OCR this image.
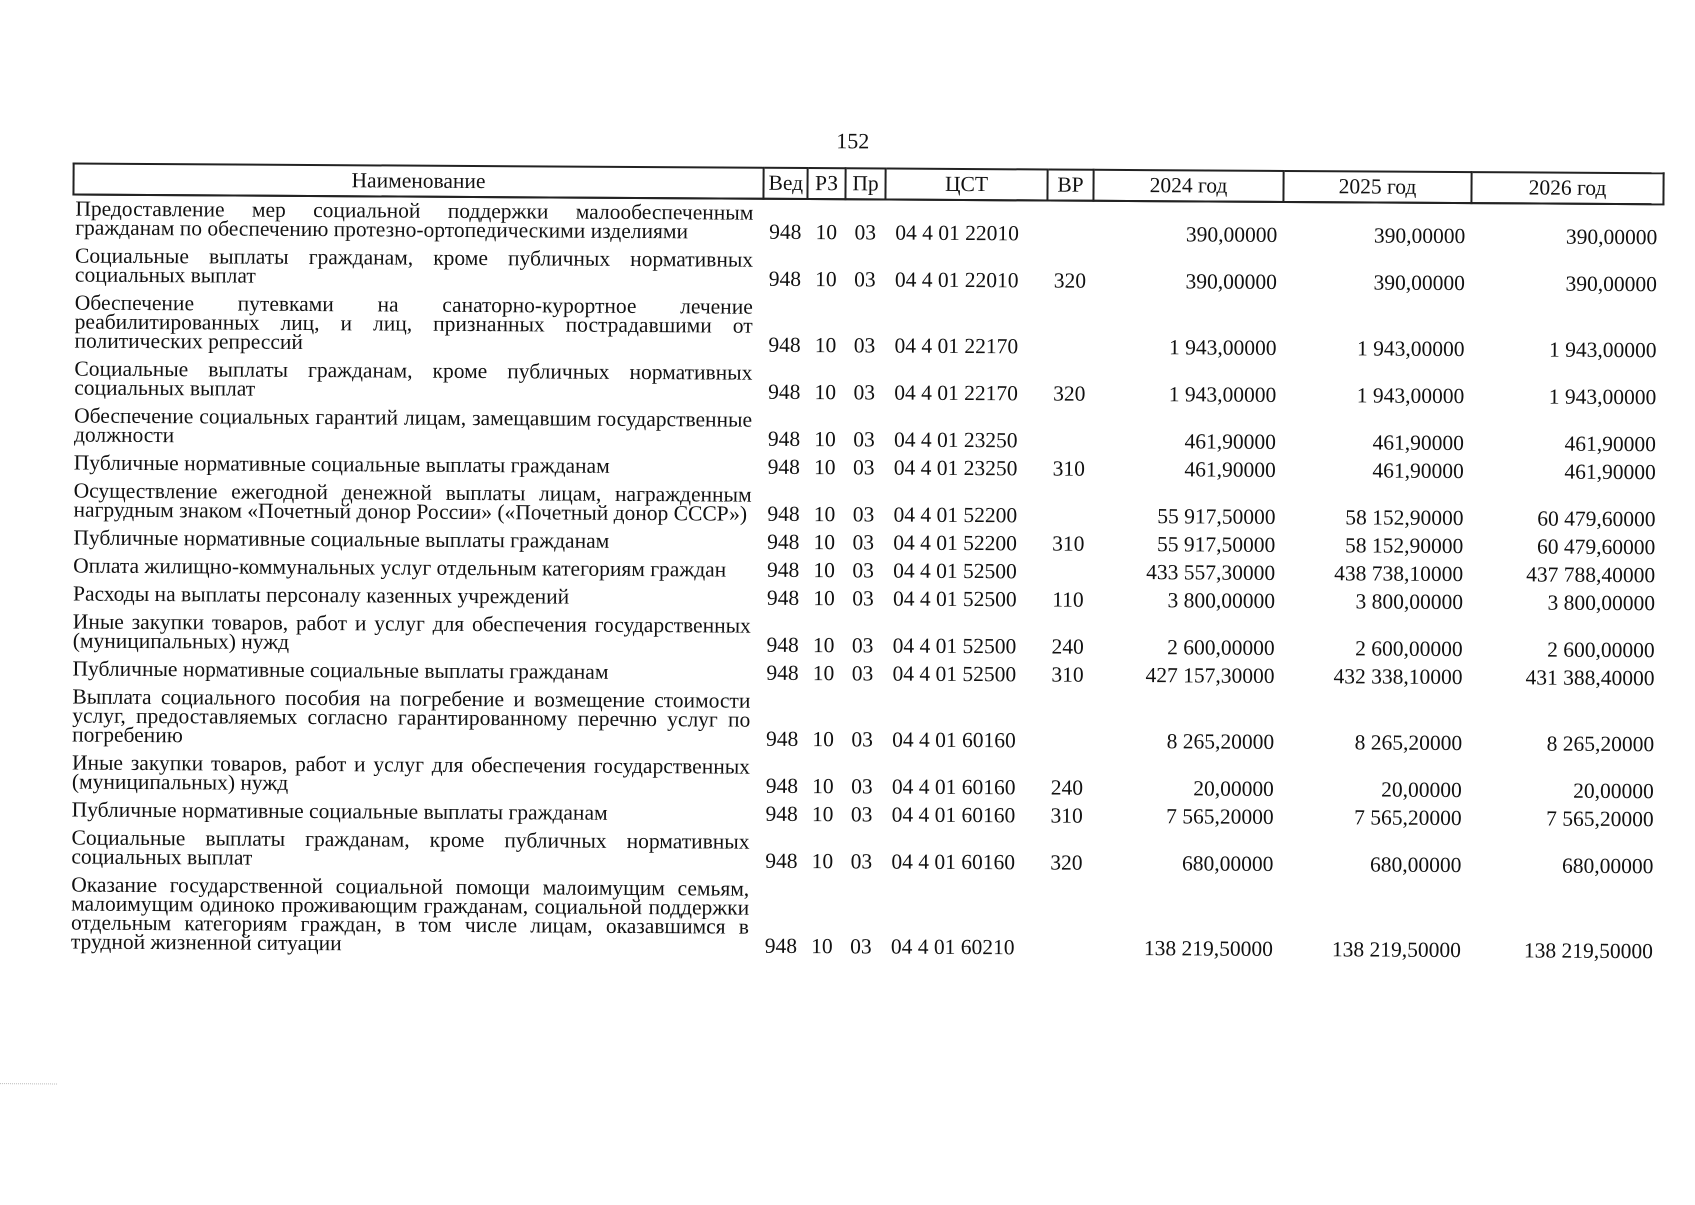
152
Наименование	Вед	РЗ	Пр	ЦСТ	ВР	2024 год	2025 год	2026 год
Предоставление мер социальной поддержки малообеспеченным гражданам по обеспечению протезно-ортопедическими изделиями	948	10	03	04 4 01 22010		390,00000	390,00000	390,00000
Социальные выплаты гражданам, кроме публичных нормативных социальных выплат	948	10	03	04 4 01 22010	320	390,00000	390,00000	390,00000
Обеспечение путевками на санаторно-курортное лечение реабилитированных лиц, и лиц, признанных пострадавшими от политических репрессий	948	10	03	04 4 01 22170		1 943,00000	1 943,00000	1 943,00000
Социальные выплаты гражданам, кроме публичных нормативных социальных выплат	948	10	03	04 4 01 22170	320	1 943,00000	1 943,00000	1 943,00000
Обеспечение социальных гарантий лицам, замещавшим государственные должности	948	10	03	04 4 01 23250		461,90000	461,90000	461,90000
Публичные нормативные социальные выплаты гражданам	948	10	03	04 4 01 23250	310	461,90000	461,90000	461,90000
Осуществление ежегодной денежной выплаты лицам, награжденным нагрудным знаком «Почетный донор России» («Почетный донор СССР»)	948	10	03	04 4 01 52200		55 917,50000	58 152,90000	60 479,60000
Публичные нормативные социальные выплаты гражданам	948	10	03	04 4 01 52200	310	55 917,50000	58 152,90000	60 479,60000
Оплата жилищно-коммунальных услуг отдельным категориям граждан	948	10	03	04 4 01 52500		433 557,30000	438 738,10000	437 788,40000
Расходы на выплаты персоналу казенных учреждений	948	10	03	04 4 01 52500	110	3 800,00000	3 800,00000	3 800,00000
Иные закупки товаров, работ и услуг для обеспечения государственных (муниципальных) нужд	948	10	03	04 4 01 52500	240	2 600,00000	2 600,00000	2 600,00000
Публичные нормативные социальные выплаты гражданам	948	10	03	04 4 01 52500	310	427 157,30000	432 338,10000	431 388,40000
Выплата социального пособия на погребение и возмещение стоимости услуг, предоставляемых согласно гарантированному перечню услуг по погребению	948	10	03	04 4 01 60160		8 265,20000	8 265,20000	8 265,20000
Иные закупки товаров, работ и услуг для обеспечения государственных (муниципальных) нужд	948	10	03	04 4 01 60160	240	20,00000	20,00000	20,00000
Публичные нормативные социальные выплаты гражданам	948	10	03	04 4 01 60160	310	7 565,20000	7 565,20000	7 565,20000
Социальные выплаты гражданам, кроме публичных нормативных социальных выплат	948	10	03	04 4 01 60160	320	680,00000	680,00000	680,00000
Оказание государственной социальной помощи малоимущим семьям, малоимущим одиноко проживающим гражданам, социальной поддержки отдельным категориям граждан, в том числе лицам, оказавшимся в трудной жизненной ситуации	948	10	03	04 4 01 60210		138 219,50000	138 219,50000	138 219,50000
